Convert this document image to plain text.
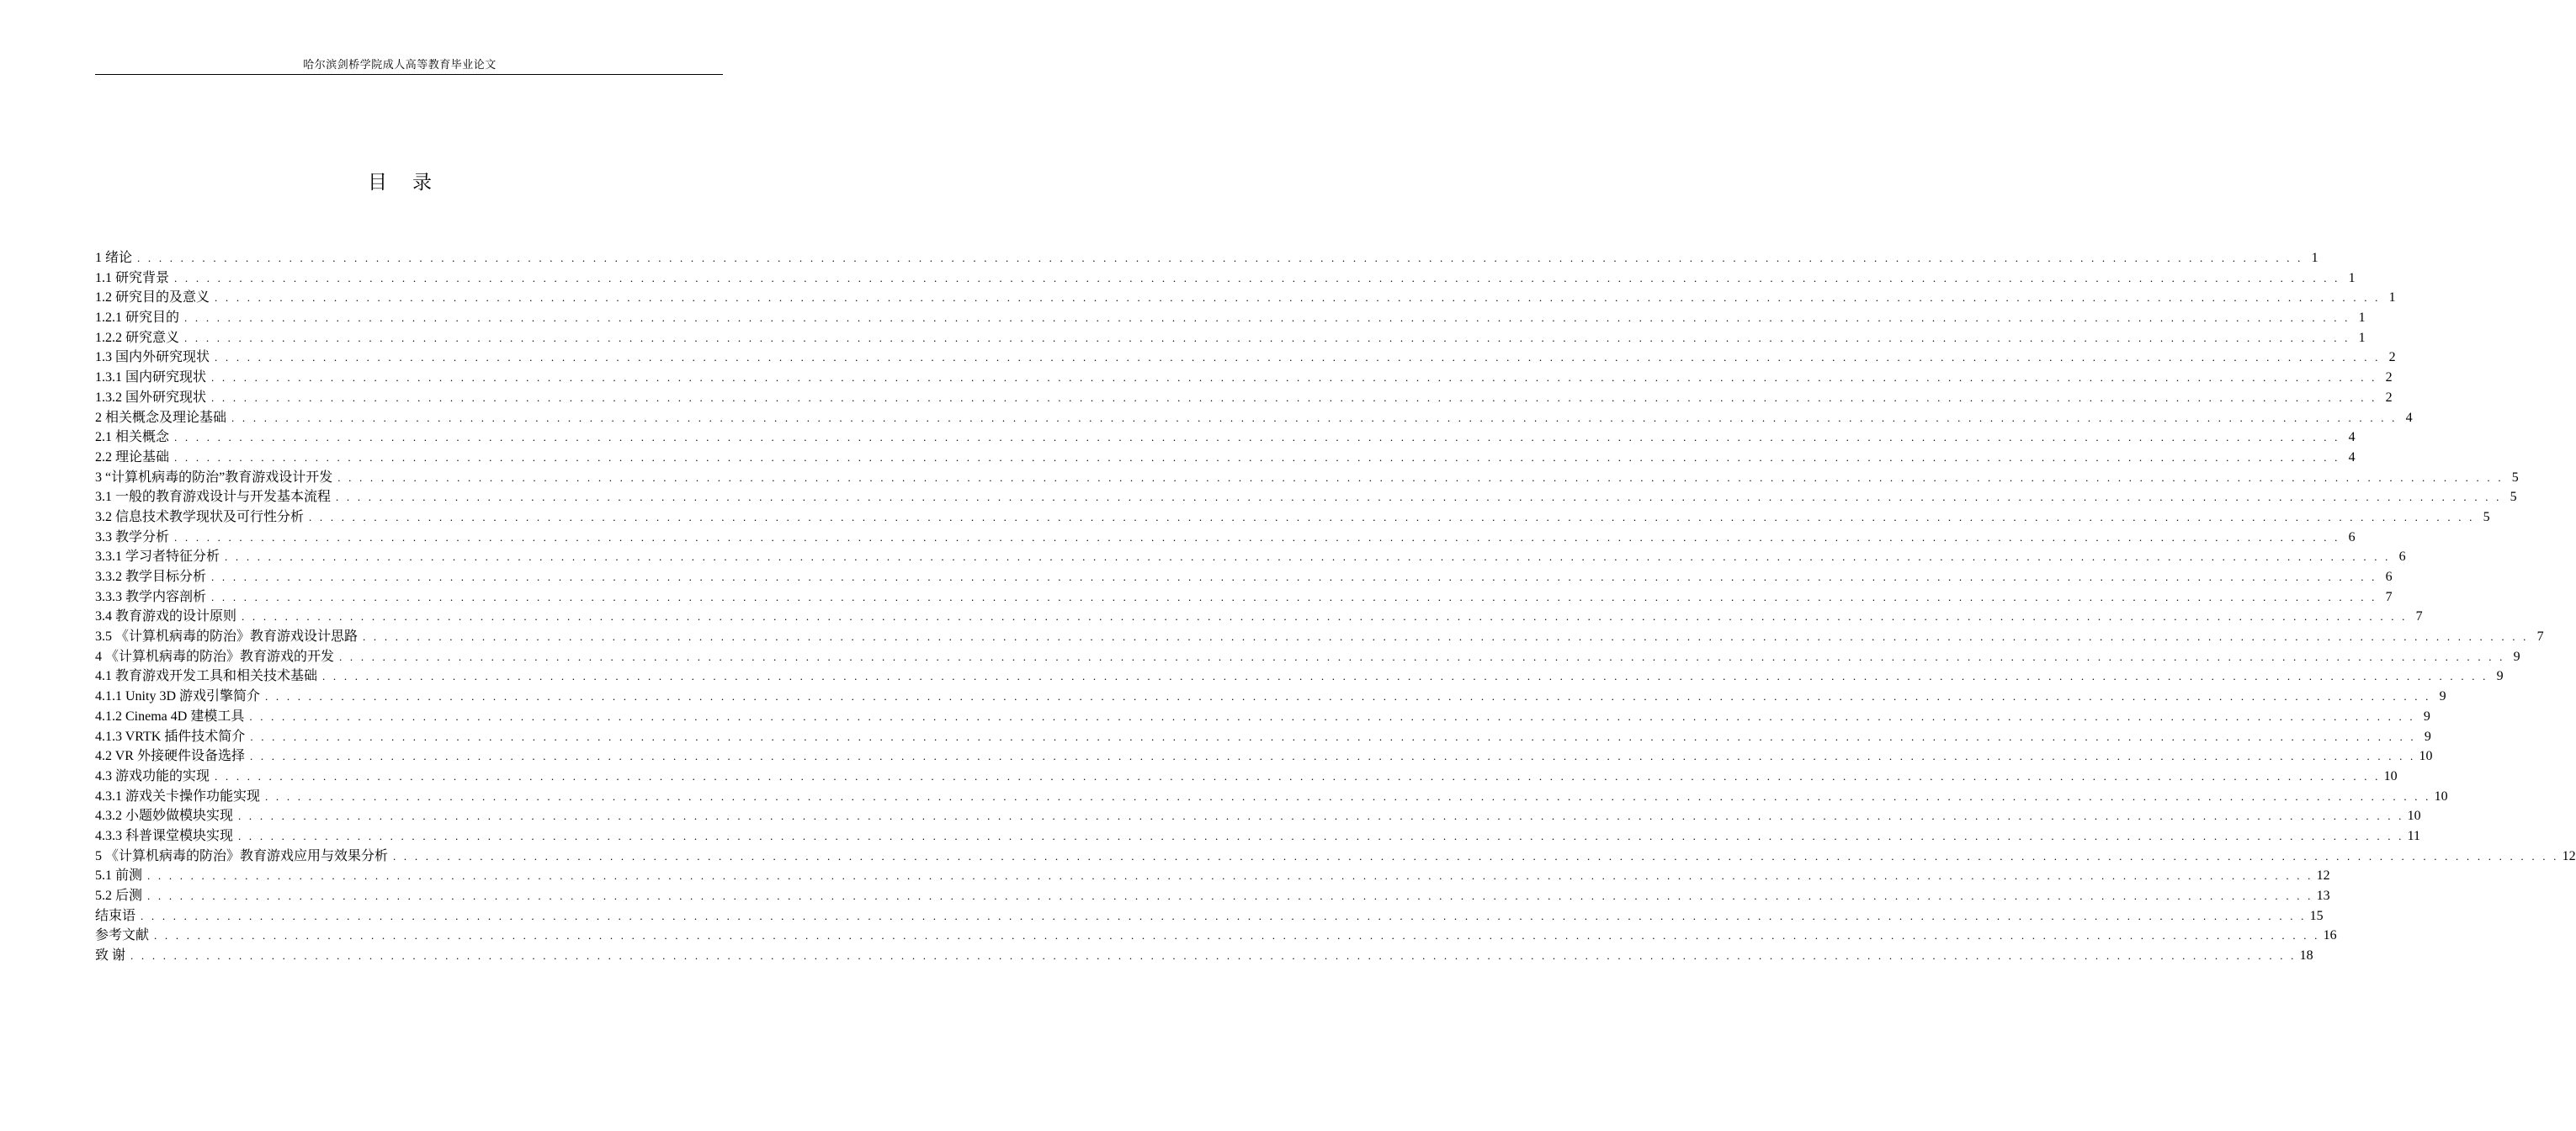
哈尔滨剑桥学院成人高等教育毕业论文
目录
1 绪论 . . . . . . . . . . . . . . . . . . . . . . . . . . . . . . . . . . . . . . . . . . . . . . . . . . . . . . . . . . . . . . . . . . . . . . . . . . . . . . . . . . . . . . . . . . . . . . . . . . . . . . . . . . . . . . . . . . . . . . . . . . . . . . . . . . . . . . . . . . . . . . . . . . . . . . . . . . . . . . . . . . . . . . . . . . . . . . . . . . . . . . . . . . . . . . . . . . . . . . . . 1
1.1 研究背景 . . . . . . . . . . . . . . . . . . . . . . . . . . . . . . . . . . . . . . . . . . . . . . . . . . . . . . . . . . . . . . . . . . . . . . . . . . . . . . . . . . . . . . . . . . . . . . . . . . . . . . . . . . . . . . . . . . . . . . . . . . . . . . . . . . . . . . . . . . . . . . . . . . . . . . . . . . . . . . . . . . . . . . . . . . . . . . . . . . . . . . . . . . . . . . . . . . . . . . . . 1
1.2 研究目的及意义 . . . . . . . . . . . . . . . . . . . . . . . . . . . . . . . . . . . . . . . . . . . . . . . . . . . . . . . . . . . . . . . . . . . . . . . . . . . . . . . . . . . . . . . . . . . . . . . . . . . . . . . . . . . . . . . . . . . . . . . . . . . . . . . . . . . . . . . . . . . . . . . . . . . . . . . . . . . . . . . . . . . . . . . . . . . . . . . . . . . . . . . . . . . . . . . . . . . . . . . . 1
1.2.1 研究目的 . . . . . . . . . . . . . . . . . . . . . . . . . . . . . . . . . . . . . . . . . . . . . . . . . . . . . . . . . . . . . . . . . . . . . . . . . . . . . . . . . . . . . . . . . . . . . . . . . . . . . . . . . . . . . . . . . . . . . . . . . . . . . . . . . . . . . . . . . . . . . . . . . . . . . . . . . . . . . . . . . . . . . . . . . . . . . . . . . . . . . . . . . . . . . . . . . . . . . . . . 1
1.2.2 研究意义 . . . . . . . . . . . . . . . . . . . . . . . . . . . . . . . . . . . . . . . . . . . . . . . . . . . . . . . . . . . . . . . . . . . . . . . . . . . . . . . . . . . . . . . . . . . . . . . . . . . . . . . . . . . . . . . . . . . . . . . . . . . . . . . . . . . . . . . . . . . . . . . . . . . . . . . . . . . . . . . . . . . . . . . . . . . . . . . . . . . . . . . . . . . . . . . . . . . . . . . . 1
1.3 国内外研究现状 . . . . . . . . . . . . . . . . . . . . . . . . . . . . . . . . . . . . . . . . . . . . . . . . . . . . . . . . . . . . . . . . . . . . . . . . . . . . . . . . . . . . . . . . . . . . . . . . . . . . . . . . . . . . . . . . . . . . . . . . . . . . . . . . . . . . . . . . . . . . . . . . . . . . . . . . . . . . . . . . . . . . . . . . . . . . . . . . . . . . . . . . . . . . . . . . . . . . . . . . 2
1.3.1 国内研究现状 . . . . . . . . . . . . . . . . . . . . . . . . . . . . . . . . . . . . . . . . . . . . . . . . . . . . . . . . . . . . . . . . . . . . . . . . . . . . . . . . . . . . . . . . . . . . . . . . . . . . . . . . . . . . . . . . . . . . . . . . . . . . . . . . . . . . . . . . . . . . . . . . . . . . . . . . . . . . . . . . . . . . . . . . . . . . . . . . . . . . . . . . . . . . . . . . . . . . . . . . 2
1.3.2 国外研究现状 . . . . . . . . . . . . . . . . . . . . . . . . . . . . . . . . . . . . . . . . . . . . . . . . . . . . . . . . . . . . . . . . . . . . . . . . . . . . . . . . . . . . . . . . . . . . . . . . . . . . . . . . . . . . . . . . . . . . . . . . . . . . . . . . . . . . . . . . . . . . . . . . . . . . . . . . . . . . . . . . . . . . . . . . . . . . . . . . . . . . . . . . . . . . . . . . . . . . . . . . 2
2 相关概念及理论基础 . . . . . . . . . . . . . . . . . . . . . . . . . . . . . . . . . . . . . . . . . . . . . . . . . . . . . . . . . . . . . . . . . . . . . . . . . . . . . . . . . . . . . . . . . . . . . . . . . . . . . . . . . . . . . . . . . . . . . . . . . . . . . . . . . . . . . . . . . . . . . . . . . . . . . . . . . . . . . . . . . . . . . . . . . . . . . . . . . . . . . . . . . . . . . . . . . . . . . . . . 4
2.1 相关概念 . . . . . . . . . . . . . . . . . . . . . . . . . . . . . . . . . . . . . . . . . . . . . . . . . . . . . . . . . . . . . . . . . . . . . . . . . . . . . . . . . . . . . . . . . . . . . . . . . . . . . . . . . . . . . . . . . . . . . . . . . . . . . . . . . . . . . . . . . . . . . . . . . . . . . . . . . . . . . . . . . . . . . . . . . . . . . . . . . . . . . . . . . . . . . . . . . . . . . . . . 4
2.2 理论基础 . . . . . . . . . . . . . . . . . . . . . . . . . . . . . . . . . . . . . . . . . . . . . . . . . . . . . . . . . . . . . . . . . . . . . . . . . . . . . . . . . . . . . . . . . . . . . . . . . . . . . . . . . . . . . . . . . . . . . . . . . . . . . . . . . . . . . . . . . . . . . . . . . . . . . . . . . . . . . . . . . . . . . . . . . . . . . . . . . . . . . . . . . . . . . . . . . . . . . . . . 4
3 “计算机病毒的防治”教育游戏设计开发 . . . . . . . . . . . . . . . . . . . . . . . . . . . . . . . . . . . . . . . . . . . . . . . . . . . . . . . . . . . . . . . . . . . . . . . . . . . . . . . . . . . . . . . . . . . . . . . . . . . . . . . . . . . . . . . . . . . . . . . . . . . . . . . . . . . . . . . . . . . . . . . . . . . . . . . . . . . . . . . . . . . . . . . . . . . . . . . . . . . . . . . . . . . . . . . . . . . . . . . . 5
3.1 一般的教育游戏设计与开发基本流程 . . . . . . . . . . . . . . . . . . . . . . . . . . . . . . . . . . . . . . . . . . . . . . . . . . . . . . . . . . . . . . . . . . . . . . . . . . . . . . . . . . . . . . . . . . . . . . . . . . . . . . . . . . . . . . . . . . . . . . . . . . . . . . . . . . . . . . . . . . . . . . . . . . . . . . . . . . . . . . . . . . . . . . . . . . . . . . . . . . . . . . . . . . . . . . . . . . . . . . . . 5
3.2 信息技术教学现状及可行性分析 . . . . . . . . . . . . . . . . . . . . . . . . . . . . . . . . . . . . . . . . . . . . . . . . . . . . . . . . . . . . . . . . . . . . . . . . . . . . . . . . . . . . . . . . . . . . . . . . . . . . . . . . . . . . . . . . . . . . . . . . . . . . . . . . . . . . . . . . . . . . . . . . . . . . . . . . . . . . . . . . . . . . . . . . . . . . . . . . . . . . . . . . . . . . . . . . . . . . . . . . 5
3.3 教学分析 . . . . . . . . . . . . . . . . . . . . . . . . . . . . . . . . . . . . . . . . . . . . . . . . . . . . . . . . . . . . . . . . . . . . . . . . . . . . . . . . . . . . . . . . . . . . . . . . . . . . . . . . . . . . . . . . . . . . . . . . . . . . . . . . . . . . . . . . . . . . . . . . . . . . . . . . . . . . . . . . . . . . . . . . . . . . . . . . . . . . . . . . . . . . . . . . . . . . . . . . 6
3.3.1 学习者特征分析 . . . . . . . . . . . . . . . . . . . . . . . . . . . . . . . . . . . . . . . . . . . . . . . . . . . . . . . . . . . . . . . . . . . . . . . . . . . . . . . . . . . . . . . . . . . . . . . . . . . . . . . . . . . . . . . . . . . . . . . . . . . . . . . . . . . . . . . . . . . . . . . . . . . . . . . . . . . . . . . . . . . . . . . . . . . . . . . . . . . . . . . . . . . . . . . . . . . . . . . . 6
3.3.2 教学目标分析 . . . . . . . . . . . . . . . . . . . . . . . . . . . . . . . . . . . . . . . . . . . . . . . . . . . . . . . . . . . . . . . . . . . . . . . . . . . . . . . . . . . . . . . . . . . . . . . . . . . . . . . . . . . . . . . . . . . . . . . . . . . . . . . . . . . . . . . . . . . . . . . . . . . . . . . . . . . . . . . . . . . . . . . . . . . . . . . . . . . . . . . . . . . . . . . . . . . . . . . . 6
3.3.3 教学内容剖析 . . . . . . . . . . . . . . . . . . . . . . . . . . . . . . . . . . . . . . . . . . . . . . . . . . . . . . . . . . . . . . . . . . . . . . . . . . . . . . . . . . . . . . . . . . . . . . . . . . . . . . . . . . . . . . . . . . . . . . . . . . . . . . . . . . . . . . . . . . . . . . . . . . . . . . . . . . . . . . . . . . . . . . . . . . . . . . . . . . . . . . . . . . . . . . . . . . . . . . . . 7
3.4 教育游戏的设计原则 . . . . . . . . . . . . . . . . . . . . . . . . . . . . . . . . . . . . . . . . . . . . . . . . . . . . . . . . . . . . . . . . . . . . . . . . . . . . . . . . . . . . . . . . . . . . . . . . . . . . . . . . . . . . . . . . . . . . . . . . . . . . . . . . . . . . . . . . . . . . . . . . . . . . . . . . . . . . . . . . . . . . . . . . . . . . . . . . . . . . . . . . . . . . . . . . . . . . . . . . 7
3.5 《计算机病毒的防治》教育游戏设计思路 . . . . . . . . . . . . . . . . . . . . . . . . . . . . . . . . . . . . . . . . . . . . . . . . . . . . . . . . . . . . . . . . . . . . . . . . . . . . . . . . . . . . . . . . . . . . . . . . . . . . . . . . . . . . . . . . . . . . . . . . . . . . . . . . . . . . . . . . . . . . . . . . . . . . . . . . . . . . . . . . . . . . . . . . . . . . . . . . . . . . . . . . . . . . . . . . . . . . . . . . 7
4 《计算机病毒的防治》教育游戏的开发 . . . . . . . . . . . . . . . . . . . . . . . . . . . . . . . . . . . . . . . . . . . . . . . . . . . . . . . . . . . . . . . . . . . . . . . . . . . . . . . . . . . . . . . . . . . . . . . . . . . . . . . . . . . . . . . . . . . . . . . . . . . . . . . . . . . . . . . . . . . . . . . . . . . . . . . . . . . . . . . . . . . . . . . . . . . . . . . . . . . . . . . . . . . . . . . . . . . . . . . . 9
4.1 教育游戏开发工具和相关技术基础 . . . . . . . . . . . . . . . . . . . . . . . . . . . . . . . . . . . . . . . . . . . . . . . . . . . . . . . . . . . . . . . . . . . . . . . . . . . . . . . . . . . . . . . . . . . . . . . . . . . . . . . . . . . . . . . . . . . . . . . . . . . . . . . . . . . . . . . . . . . . . . . . . . . . . . . . . . . . . . . . . . . . . . . . . . . . . . . . . . . . . . . . . . . . . . . . . . . . . . . . 9
4.1.1 Unity 3D 游戏引擎简介 . . . . . . . . . . . . . . . . . . . . . . . . . . . . . . . . . . . . . . . . . . . . . . . . . . . . . . . . . . . . . . . . . . . . . . . . . . . . . . . . . . . . . . . . . . . . . . . . . . . . . . . . . . . . . . . . . . . . . . . . . . . . . . . . . . . . . . . . . . . . . . . . . . . . . . . . . . . . . . . . . . . . . . . . . . . . . . . . . . . . . . . . . . . . . . . . . . . . . . . . 9
4.1.2 Cinema 4D 建模工具 . . . . . . . . . . . . . . . . . . . . . . . . . . . . . . . . . . . . . . . . . . . . . . . . . . . . . . . . . . . . . . . . . . . . . . . . . . . . . . . . . . . . . . . . . . . . . . . . . . . . . . . . . . . . . . . . . . . . . . . . . . . . . . . . . . . . . . . . . . . . . . . . . . . . . . . . . . . . . . . . . . . . . . . . . . . . . . . . . . . . . . . . . . . . . . . . . . . . . . . . 9
4.1.3 VRTK 插件技术简介 . . . . . . . . . . . . . . . . . . . . . . . . . . . . . . . . . . . . . . . . . . . . . . . . . . . . . . . . . . . . . . . . . . . . . . . . . . . . . . . . . . . . . . . . . . . . . . . . . . . . . . . . . . . . . . . . . . . . . . . . . . . . . . . . . . . . . . . . . . . . . . . . . . . . . . . . . . . . . . . . . . . . . . . . . . . . . . . . . . . . . . . . . . . . . . . . . . . . . . . . 9
4.2 VR 外接硬件设备选择 . . . . . . . . . . . . . . . . . . . . . . . . . . . . . . . . . . . . . . . . . . . . . . . . . . . . . . . . . . . . . . . . . . . . . . . . . . . . . . . . . . . . . . . . . . . . . . . . . . . . . . . . . . . . . . . . . . . . . . . . . . . . . . . . . . . . . . . . . . . . . . . . . . . . . . . . . . . . . . . . . . . . . . . . . . . . . . . . . . . . . . . . . . . . . . . . . . . . . . . . 10
4.3 游戏功能的实现 . . . . . . . . . . . . . . . . . . . . . . . . . . . . . . . . . . . . . . . . . . . . . . . . . . . . . . . . . . . . . . . . . . . . . . . . . . . . . . . . . . . . . . . . . . . . . . . . . . . . . . . . . . . . . . . . . . . . . . . . . . . . . . . . . . . . . . . . . . . . . . . . . . . . . . . . . . . . . . . . . . . . . . . . . . . . . . . . . . . . . . . . . . . . . . . . . . . . . . . . 10
4.3.1 游戏关卡操作功能实现 . . . . . . . . . . . . . . . . . . . . . . . . . . . . . . . . . . . . . . . . . . . . . . . . . . . . . . . . . . . . . . . . . . . . . . . . . . . . . . . . . . . . . . . . . . . . . . . . . . . . . . . . . . . . . . . . . . . . . . . . . . . . . . . . . . . . . . . . . . . . . . . . . . . . . . . . . . . . . . . . . . . . . . . . . . . . . . . . . . . . . . . . . . . . . . . . . . . . . . . . 10
4.3.2 小题妙做模块实现 . . . . . . . . . . . . . . . . . . . . . . . . . . . . . . . . . . . . . . . . . . . . . . . . . . . . . . . . . . . . . . . . . . . . . . . . . . . . . . . . . . . . . . . . . . . . . . . . . . . . . . . . . . . . . . . . . . . . . . . . . . . . . . . . . . . . . . . . . . . . . . . . . . . . . . . . . . . . . . . . . . . . . . . . . . . . . . . . . . . . . . . . . . . . . . . . . . . . . . . . 10
4.3.3 科普课堂模块实现 . . . . . . . . . . . . . . . . . . . . . . . . . . . . . . . . . . . . . . . . . . . . . . . . . . . . . . . . . . . . . . . . . . . . . . . . . . . . . . . . . . . . . . . . . . . . . . . . . . . . . . . . . . . . . . . . . . . . . . . . . . . . . . . . . . . . . . . . . . . . . . . . . . . . . . . . . . . . . . . . . . . . . . . . . . . . . . . . . . . . . . . . . . . . . . . . . . . . . . . . 11
5 《计算机病毒的防治》教育游戏应用与效果分析 . . . . . . . . . . . . . . . . . . . . . . . . . . . . . . . . . . . . . . . . . . . . . . . . . . . . . . . . . . . . . . . . . . . . . . . . . . . . . . . . . . . . . . . . . . . . . . . . . . . . . . . . . . . . . . . . . . . . . . . . . . . . . . . . . . . . . . . . . . . . . . . . . . . . . . . . . . . . . . . . . . . . . . . . . . . . . . . . . . . . . . . . . . . . . . . . . . . . . . . . 12
5.1 前测 . . . . . . . . . . . . . . . . . . . . . . . . . . . . . . . . . . . . . . . . . . . . . . . . . . . . . . . . . . . . . . . . . . . . . . . . . . . . . . . . . . . . . . . . . . . . . . . . . . . . . . . . . . . . . . . . . . . . . . . . . . . . . . . . . . . . . . . . . . . . . . . . . . . . . . . . . . . . . . . . . . . . . . . . . . . . . . . . . . . . . . . . . . . . . . . . . . . . . . . . 12
5.2 后测 . . . . . . . . . . . . . . . . . . . . . . . . . . . . . . . . . . . . . . . . . . . . . . . . . . . . . . . . . . . . . . . . . . . . . . . . . . . . . . . . . . . . . . . . . . . . . . . . . . . . . . . . . . . . . . . . . . . . . . . . . . . . . . . . . . . . . . . . . . . . . . . . . . . . . . . . . . . . . . . . . . . . . . . . . . . . . . . . . . . . . . . . . . . . . . . . . . . . . . . . 13
结束语 . . . . . . . . . . . . . . . . . . . . . . . . . . . . . . . . . . . . . . . . . . . . . . . . . . . . . . . . . . . . . . . . . . . . . . . . . . . . . . . . . . . . . . . . . . . . . . . . . . . . . . . . . . . . . . . . . . . . . . . . . . . . . . . . . . . . . . . . . . . . . . . . . . . . . . . . . . . . . . . . . . . . . . . . . . . . . . . . . . . . . . . . . . . . . . . . . . . . . . . . 15
参考文献 . . . . . . . . . . . . . . . . . . . . . . . . . . . . . . . . . . . . . . . . . . . . . . . . . . . . . . . . . . . . . . . . . . . . . . . . . . . . . . . . . . . . . . . . . . . . . . . . . . . . . . . . . . . . . . . . . . . . . . . . . . . . . . . . . . . . . . . . . . . . . . . . . . . . . . . . . . . . . . . . . . . . . . . . . . . . . . . . . . . . . . . . . . . . . . . . . . . . . . . . 16
致 谢 . . . . . . . . . . . . . . . . . . . . . . . . . . . . . . . . . . . . . . . . . . . . . . . . . . . . . . . . . . . . . . . . . . . . . . . . . . . . . . . . . . . . . . . . . . . . . . . . . . . . . . . . . . . . . . . . . . . . . . . . . . . . . . . . . . . . . . . . . . . . . . . . . . . . . . . . . . . . . . . . . . . . . . . . . . . . . . . . . . . . . . . . . . . . . . . . . . . . . . . . 18
